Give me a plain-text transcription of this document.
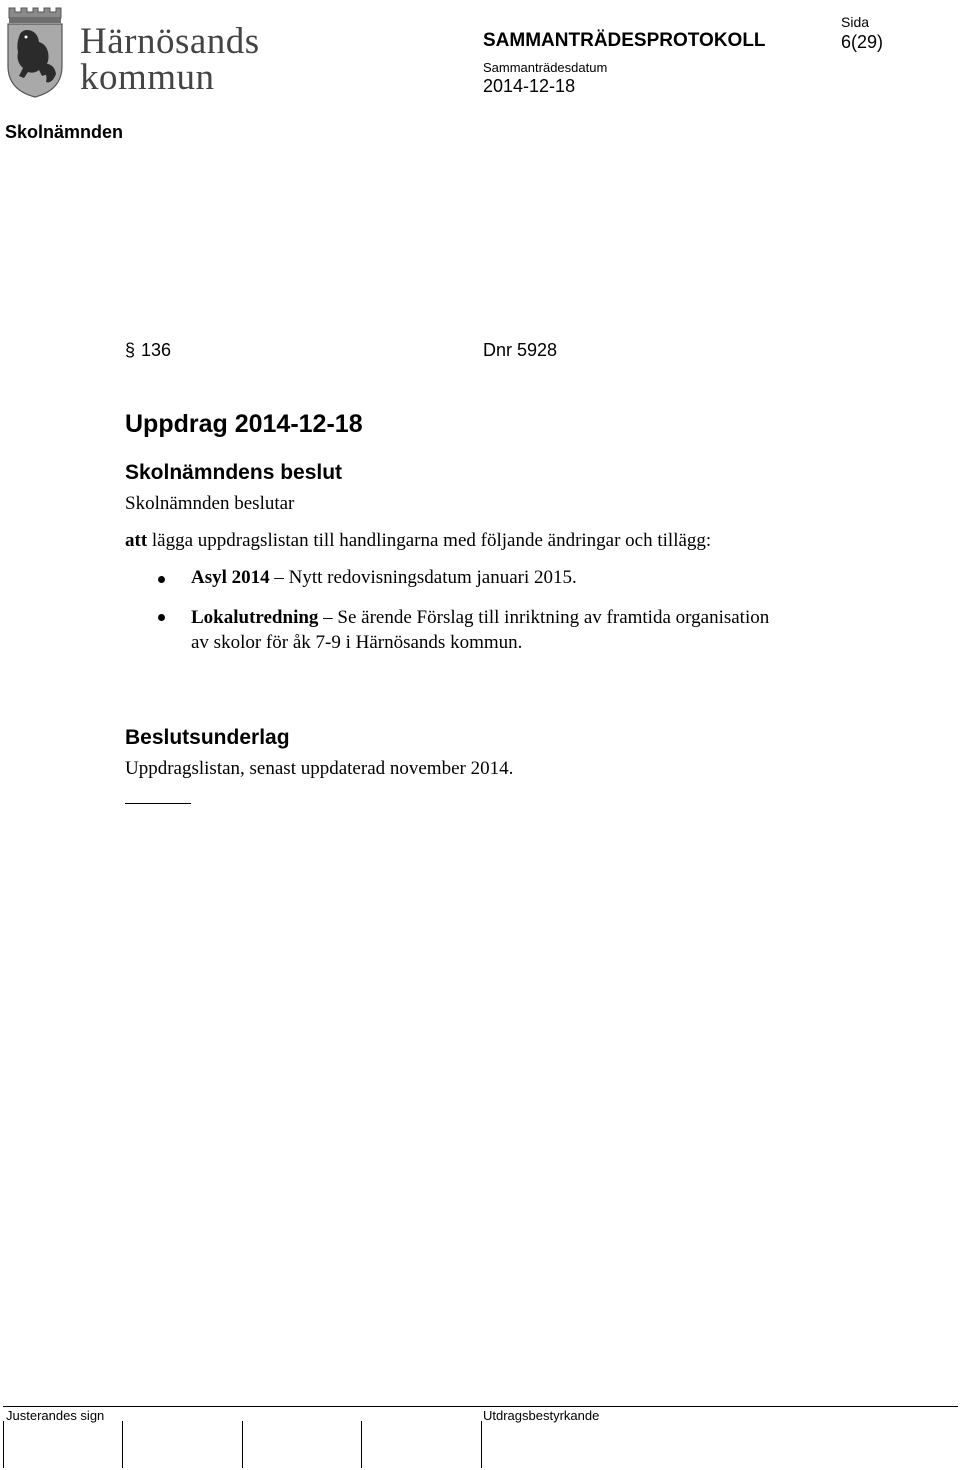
Härnösands
kommun
SAMMANTRÄDESPROTOKOLL
Sida
6(29)
Sammanträdesdatum
2014-12-18
Skolnämnden
§ 136	Dnr 5928
Uppdrag 2014-12-18
Skolnämndens beslut
Skolnämnden beslutar
att lägga uppdragslistan till handlingarna med följande ändringar och tillägg:
Asyl 2014 – Nytt redovisningsdatum januari 2015.
Lokalutredning – Se ärende Förslag till inriktning av framtida organisation av skolor för åk 7-9 i Härnösands kommun.
Beslutsunderlag
Uppdragslistan, senast uppdaterad november 2014.
Justerandes sign	Utdragsbestyrkande
